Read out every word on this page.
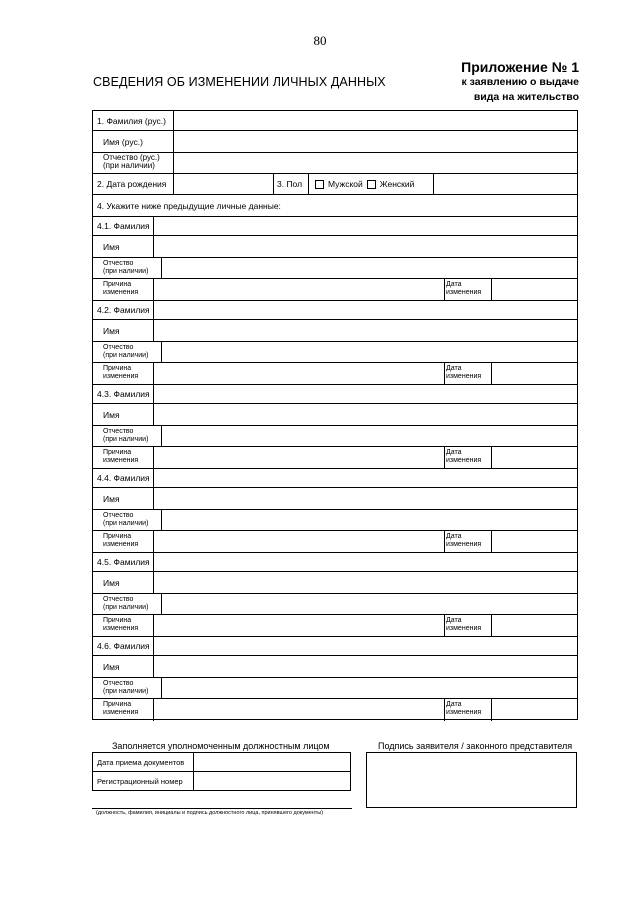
80
Приложение № 1
к заявлению о выдаче
вида на жительство
СВЕДЕНИЯ ОБ ИЗМЕНЕНИИ ЛИЧНЫХ ДАННЫХ
1. Фамилия (рус.)
Имя (рус.)
Отчество (рус.)
(при наличии)
2. Дата рождения	3. Пол	Мужской Женский
4. Укажите ниже предыдущие личные данные:
4.1. Фамилия
Имя
Отчество
(при наличии)
Причина
изменения
Дата
изменения
4.2. Фамилия
Имя
Отчество
(при наличии)
Причина
изменения
Дата
изменения
4.3. Фамилия
Имя
Отчество
(при наличии)
Причина
изменения
Дата
изменения
4.4. Фамилия
Имя
Отчество
(при наличии)
Причина
изменения
Дата
изменения
4.5. Фамилия
Имя
Отчество
(при наличии)
Причина
изменения
Дата
изменения
4.6. Фамилия
Имя
Отчество
(при наличии)
Причина
изменения
Дата
изменения
Заполняется уполномоченным должностным лицом	Подпись заявителя / законного представителя
Дата приема документов
Регистрационный номер
(должность, фамилия, инициалы и подпись должностного лица, принявшего документы)
